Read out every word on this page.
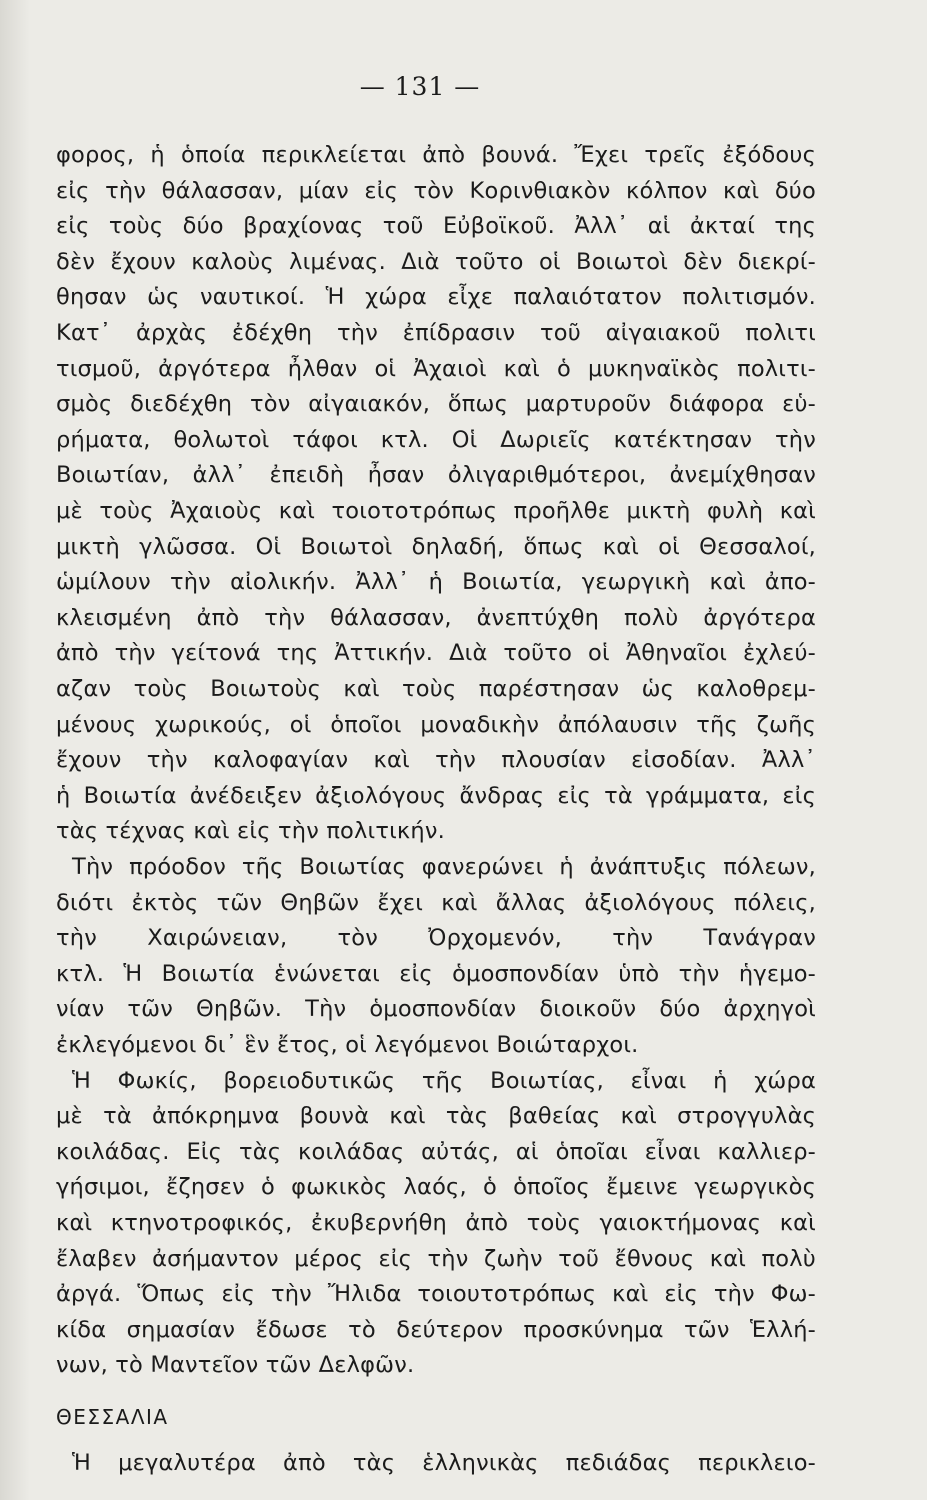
— 131 —
φορος, ἡ ὁποία περικλείεται ἀπὸ βουνά. Ἔχει τρεῖς ἐξόδους
εἰς τὴν θάλασσαν, μίαν εἰς τὸν Κορινθιακὸν κόλπον καὶ δύο
εἰς τοὺς δύο βραχίονας τοῦ Εὐβοϊκοῦ. Ἀλλ᾽ αἱ ἀκταί της
δὲν ἔχουν καλοὺς λιμένας. Διὰ τοῦτο οἱ Βοιωτοὶ δὲν διεκρί-
θησαν ὡς ναυτικοί. Ἡ χώρα εἶχε παλαιότατον πολιτισμόν.
Κατ᾽ ἀρχὰς ἐδέχθη τὴν ἐπίδρασιν τοῦ αἰγαιακοῦ πολιτι
τισμοῦ, ἀργότερα ἦλθαν οἱ Ἀχαιοὶ καὶ ὁ μυκηναϊκὸς πολιτι-
σμὸς διεδέχθη τὸν αἰγαιακόν, ὅπως μαρτυροῦν διάφορα εὑ-
ρήματα, θολωτοὶ τάφοι κτλ. Οἱ Δωριεῖς κατέκτησαν τὴν
Βοιωτίαν, ἀλλ᾽ ἐπειδὴ ἦσαν ὀλιγαριθμότεροι, ἀνεμίχθησαν
μὲ τοὺς Ἀχαιοὺς καὶ τοιοτοτρόπως προῆλθε μικτὴ φυλὴ καὶ
μικτὴ γλῶσσα. Οἱ Βοιωτοὶ δηλαδή, ὅπως καὶ οἱ Θεσσαλοί,
ὡμίλουν τὴν αἰολικήν. Ἀλλ᾽ ἡ Βοιωτία, γεωργικὴ καὶ ἀπο-
κλεισμένη ἀπὸ τὴν θάλασσαν, ἀνεπτύχθη πολὺ ἀργότερα
ἀπὸ τὴν γείτονά της Ἀττικήν. Διὰ τοῦτο οἱ Ἀθηναῖοι ἐχλεύ-
αζαν τοὺς Βοιωτοὺς καὶ τοὺς παρέστησαν ὡς καλοθρεμ-
μένους χωρικούς, οἱ ὁποῖοι μοναδικὴν ἀπόλαυσιν τῆς ζωῆς
ἔχουν τὴν καλοφαγίαν καὶ τὴν πλουσίαν εἰσοδίαν. Ἀλλ᾽
ἡ Βοιωτία ἀνέδειξεν ἀξιολόγους ἄνδρας εἰς τὰ γράμματα, εἰς
τὰς τέχνας καὶ εἰς τὴν πολιτικήν.
Τὴν πρόοδον τῆς Βοιωτίας φανερώνει ἡ ἀνάπτυξις πόλεων,
διότι ἐκτὸς τῶν Θηβῶν ἔχει καὶ ἄλλας ἀξιολόγους πόλεις,
τὴν Χαιρώνειαν, τὸν Ὀρχομενόν, τὴν Τανάγραν
κτλ. Ἡ Βοιωτία ἑνώνεται εἰς ὁμοσπονδίαν ὑπὸ τὴν ἡγεμο-
νίαν τῶν Θηβῶν. Τὴν ὁμοσπονδίαν διοικοῦν δύο ἀρχηγοὶ
ἐκλεγόμενοι δι᾽ ἓν ἔτος, οἱ λεγόμενοι Βοιώταρχοι.
Ἡ Φωκίς, βορειοδυτικῶς τῆς Βοιωτίας, εἶναι ἡ χώρα
μὲ τὰ ἀπόκρημνα βουνὰ καὶ τὰς βαθείας καὶ στρογγυλὰς
κοιλάδας. Εἰς τὰς κοιλάδας αὐτάς, αἱ ὁποῖαι εἶναι καλλιερ-
γήσιμοι, ἔζησεν ὁ φωκικὸς λαός, ὁ ὁποῖος ἔμεινε γεωργικὸς
καὶ κτηνοτροφικός, ἐκυβερνήθη ἀπὸ τοὺς γαιοκτήμονας καὶ
ἔλαβεν ἀσήμαντον μέρος εἰς τὴν ζωὴν τοῦ ἔθνους καὶ πολὺ
ἀργά. Ὅπως εἰς τὴν Ἤλιδα τοιουτοτρόπως καὶ εἰς τὴν Φω-
κίδα σημασίαν ἔδωσε τὸ δεύτερον προσκύνημα τῶν Ἑλλή-
νων, τὸ Μαντεῖον τῶν Δελφῶν.
ΘΕΣΣΑΛΙΑ
Ἡ μεγαλυτέρα ἀπὸ τὰς ἑλληνικὰς πεδιάδας περικλειο-
